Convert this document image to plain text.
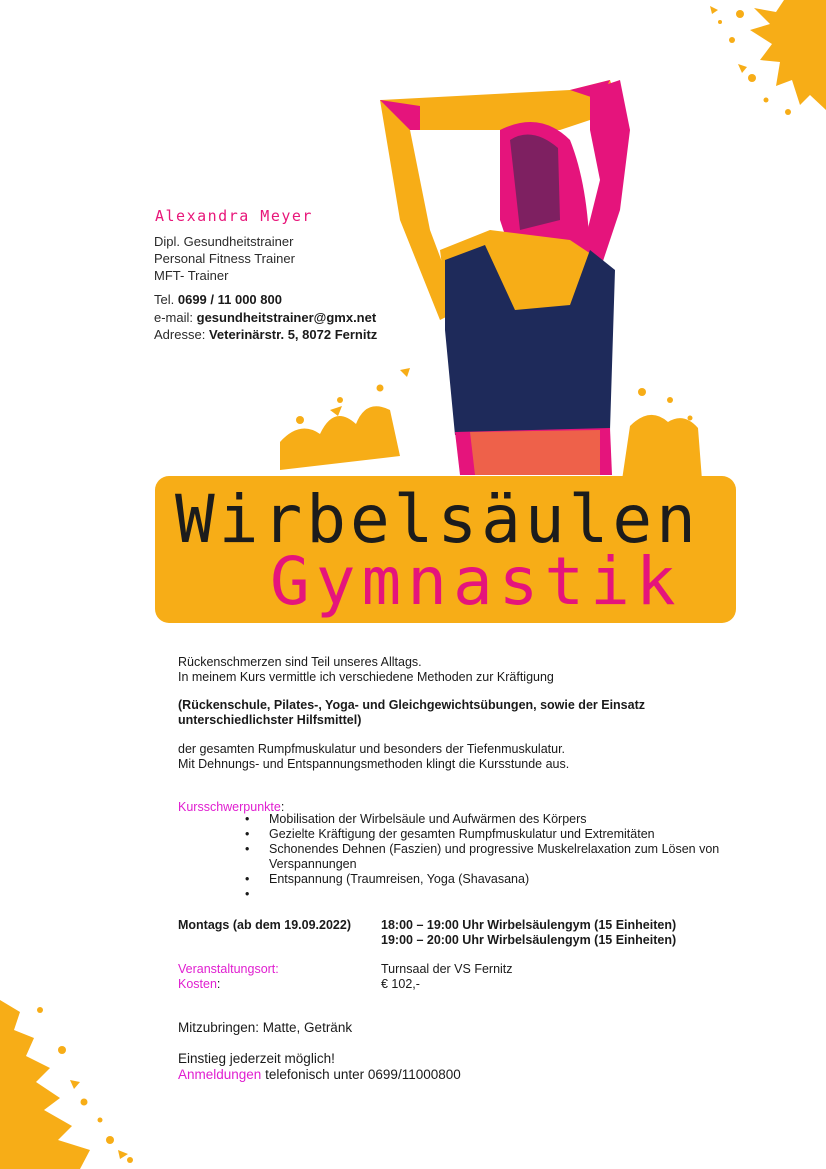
Alexandra Meyer
Dipl. Gesundheitstrainer
Personal Fitness Trainer
MFT- Trainer
Tel. 0699 / 11 000 800
e-mail: gesundheitstrainer@gmx.net
Adresse: Veterinärstr. 5, 8072 Fernitz
Wirbelsäulen
Gymnastik
Rückenschmerzen sind Teil unseres Alltags.
In meinem Kurs vermittle ich verschiedene Methoden zur Kräftigung
(Rückenschule, Pilates-, Yoga- und Gleichgewichtsübungen, sowie der Einsatz unterschiedlichster Hilfsmittel)
der gesamten Rumpfmuskulatur und besonders der Tiefenmuskulatur.
Mit Dehnungs- und Entspannungsmethoden klingt die Kursstunde aus.
Kursschwerpunkte:
• Mobilisation der Wirbelsäule und Aufwärmen des Körpers
• Gezielte Kräftigung der gesamten Rumpfmuskulatur und Extremitäten
• Schonendes Dehnen (Faszien) und progressive Muskelrelaxation zum Lösen von Verspannungen
• Entspannung (Traumreisen, Yoga (Shavasana)
•
Montags (ab dem 19.09.2022) 18:00 – 19:00 Uhr Wirbelsäulengym (15 Einheiten)
19:00 – 20:00 Uhr Wirbelsäulengym (15 Einheiten)
Veranstaltungsort:
Kosten:
Turnsaal der VS Fernitz
€ 102,-
Mitzubringen: Matte, Getränk
Einstieg jederzeit möglich!
Anmeldungen telefonisch unter 0699/11000800
